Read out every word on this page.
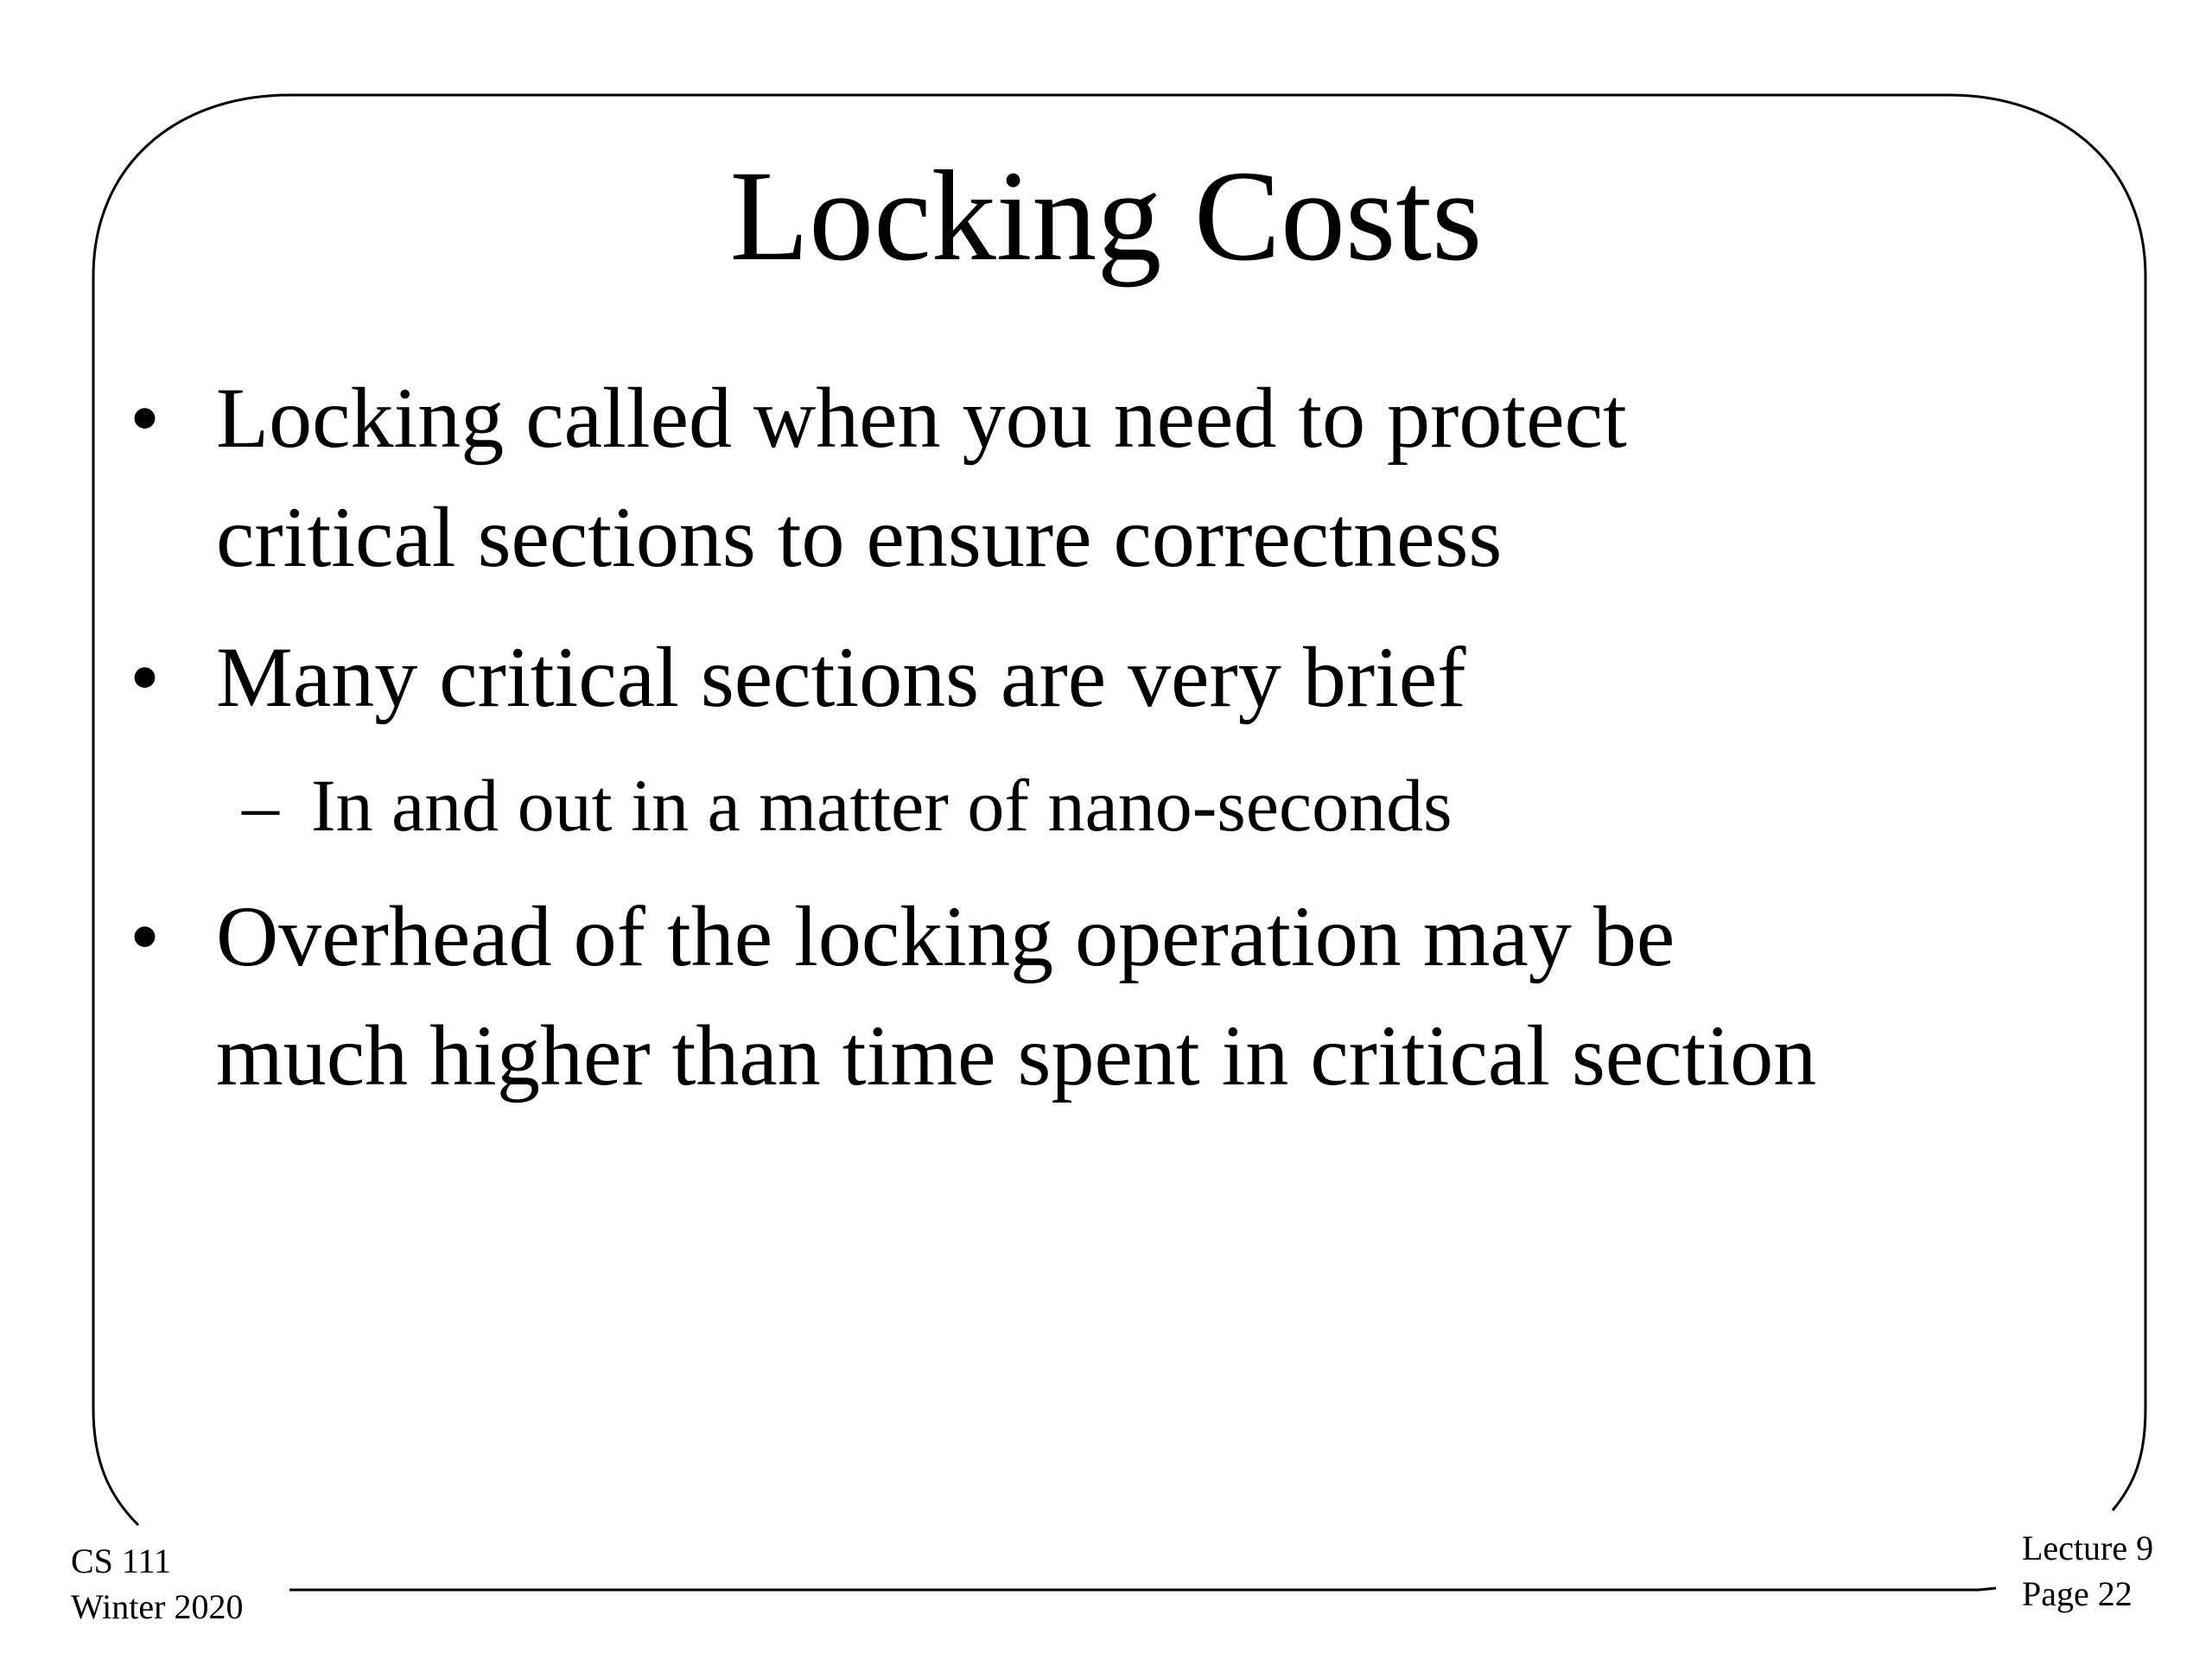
Locking Costs
• Locking called when you need to protect
critical sections to ensure correctness
• Many critical sections are very brief
– In and out in a matter of nano-seconds
• Overhead of the locking operation may be
much higher than time spent in critical section
CS 111
Winter 2020
Lecture 9
Page 22
